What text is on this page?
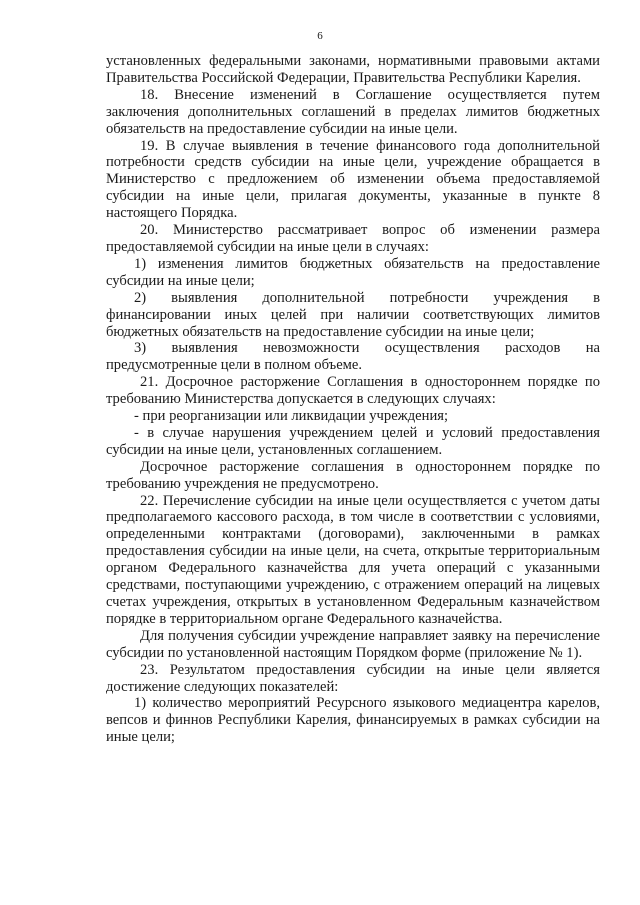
6

установленных федеральными законами, нормативными правовыми актами Правительства Российской Федерации, Правительства Республики Карелия.

18. Внесение изменений в Соглашение осуществляется путем заключения дополнительных соглашений в пределах лимитов бюджетных обязательств на предоставление субсидии на иные цели.

19. В случае выявления в течение финансового года дополнительной потребности средств субсидии на иные цели, учреждение обращается в Министерство с предложением об изменении объема предоставляемой субсидии на иные цели, прилагая документы, указанные в пункте 8 настоящего Порядка.

20. Министерство рассматривает вопрос об изменении размера предоставляемой субсидии на иные цели в случаях:

1) изменения лимитов бюджетных обязательств на предоставление субсидии на иные цели;

2) выявления дополнительной потребности учреждения в финансировании иных целей при наличии соответствующих лимитов бюджетных обязательств на предоставление субсидии на иные цели;

3) выявления невозможности осуществления расходов на предусмотренные цели в полном объеме.

21. Досрочное расторжение Соглашения в одностороннем порядке по требованию Министерства допускается в следующих случаях:

- при реорганизации или ликвидации учреждения;

- в случае нарушения учреждением целей и условий предоставления субсидии на иные цели, установленных соглашением.

Досрочное расторжение соглашения в одностороннем порядке по требованию учреждения не предусмотрено.

22. Перечисление субсидии на иные цели осуществляется с учетом даты предполагаемого кассового расхода, в том числе в соответствии с условиями, определенными контрактами (договорами), заключенными в рамках предоставления субсидии на иные цели, на счета, открытые территориальным органом Федерального казначейства для учета операций с указанными средствами, поступающими учреждению, с отражением операций на лицевых счетах учреждения, открытых в установленном Федеральным казначейством порядке в территориальном органе Федерального казначейства.

Для получения субсидии учреждение направляет заявку на перечисление субсидии по установленной настоящим Порядком форме (приложение № 1).

23. Результатом предоставления субсидии на иные цели является достижение следующих показателей:

1) количество мероприятий Ресурсного языкового медиацентра карелов, вепсов и финнов Республики Карелия, финансируемых в рамках субсидии на иные цели;
